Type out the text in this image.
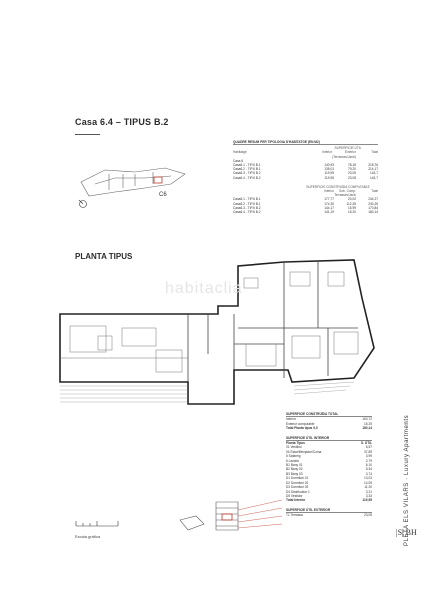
Casa 6.4 – TIPUS B.2
C6
QUADRE RESUM PER TIPOLOGIA D'HABITATGE (EN M2)
SUPERFICIE ÚTIL
Habitatge	Interior	Exterior (Terrasses/Jardí)
Total
Casa 6
Casa6.1 - TIP.6 B.1	140,93	78,18	218,76
Casa6.2 - TIP.6 B.1	135,01	79,20	214,17
Casa6.3 - TIP.6 B.2	119,95	23,05	143,7
Casa6.4 - TIP.6 B.2	119,95	23,05	143,7
SUPERFICIE CONSTRUÏDA COMPUTABLE
Interior	Sob. Comp. Terrasses/Jardí
Total
Casa6.1 - TIP.6 B.1	177,77	20,02	244,27
Casa6.2 - TIP.6 B.1	174,30	112,35	240,25
Casa6.3 - TIP.6 B.2	144,17	15,99	170,84
Casa6.4 - TIP.6 B.2	141,19	15,20	180,14
PLANTA TIPUS
habitaclia
SUPERFICIE CONSTRUÏDA TOTAL
Interior	163,72
Exterior computable	15,25
Total Planta tipus 9,0	180,14
SUPERFICIE ÚTIL INTERIOR
Planta Tipus	S. ÚTIL
01 Vestíbul	6,57
04 Estar/Menjador/Cuina	37,89
5 Safareig	3,99
6 Lavabo	2,79
B1 Bany 01	6,10
B2 Bany 02	5,34
B3 Bany 03	3,74
D1 Dormitori 01	13,03
D2 Dormitori 02	14,05
D3 Dormitori 03	11,20
D4 Distribuidor 1	3,21
D5 Vestidor	3,33
Total Interior	119,95
SUPERFICIE ÚTIL EXTERIOR
T1 Terrassa	23,05
Escala gràfica	PLETA ELS VILARS · Luxury Apartments
|S| BH
